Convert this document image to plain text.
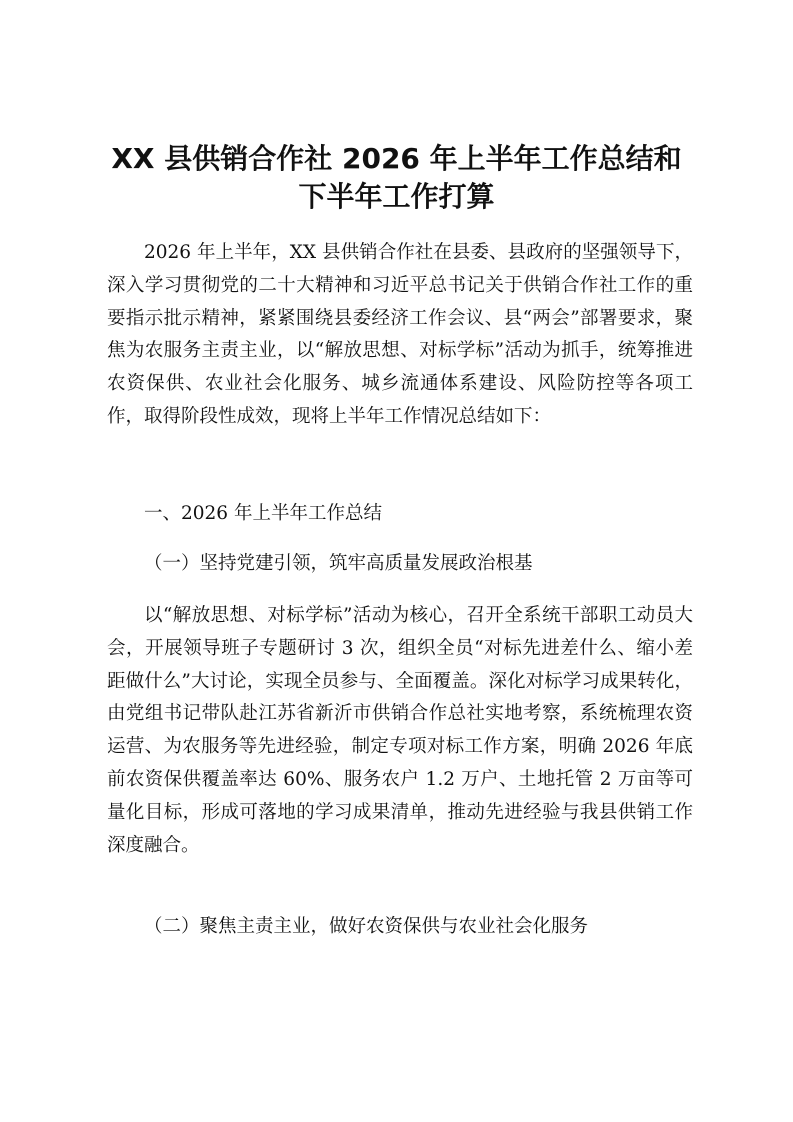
XX 县供销合作社 2026 年上半年工作总结和下半年工作打算

2026 年上半年，XX 县供销合作社在县委、县政府的坚强领导下，深入学习贯彻党的二十大精神和习近平总书记关于供销合作社工作的重要指示批示精神，紧紧围绕县委经济工作会议、县“两会”部署要求，聚焦为农服务主责主业，以“解放思想、对标学标”活动为抓手，统筹推进农资保供、农业社会化服务、城乡流通体系建设、风险防控等各项工作，取得阶段性成效，现将上半年工作情况总结如下：

一、2026 年上半年工作总结

（一）坚持党建引领，筑牢高质量发展政治根基

以“解放思想、对标学标”活动为核心，召开全系统干部职工动员大会，开展领导班子专题研讨 3 次，组织全员“对标先进差什么、缩小差距做什么”大讨论，实现全员参与、全面覆盖。深化对标学习成果转化，由党组书记带队赴江苏省新沂市供销合作总社实地考察，系统梳理农资运营、为农服务等先进经验，制定专项对标工作方案，明确 2026 年底前农资保供覆盖率达 60%、服务农户 1.2 万户、土地托管 2 万亩等可量化目标，形成可落地的学习成果清单，推动先进经验与我县供销工作深度融合。

（二）聚焦主责主业，做好农资保供与农业社会化服务
